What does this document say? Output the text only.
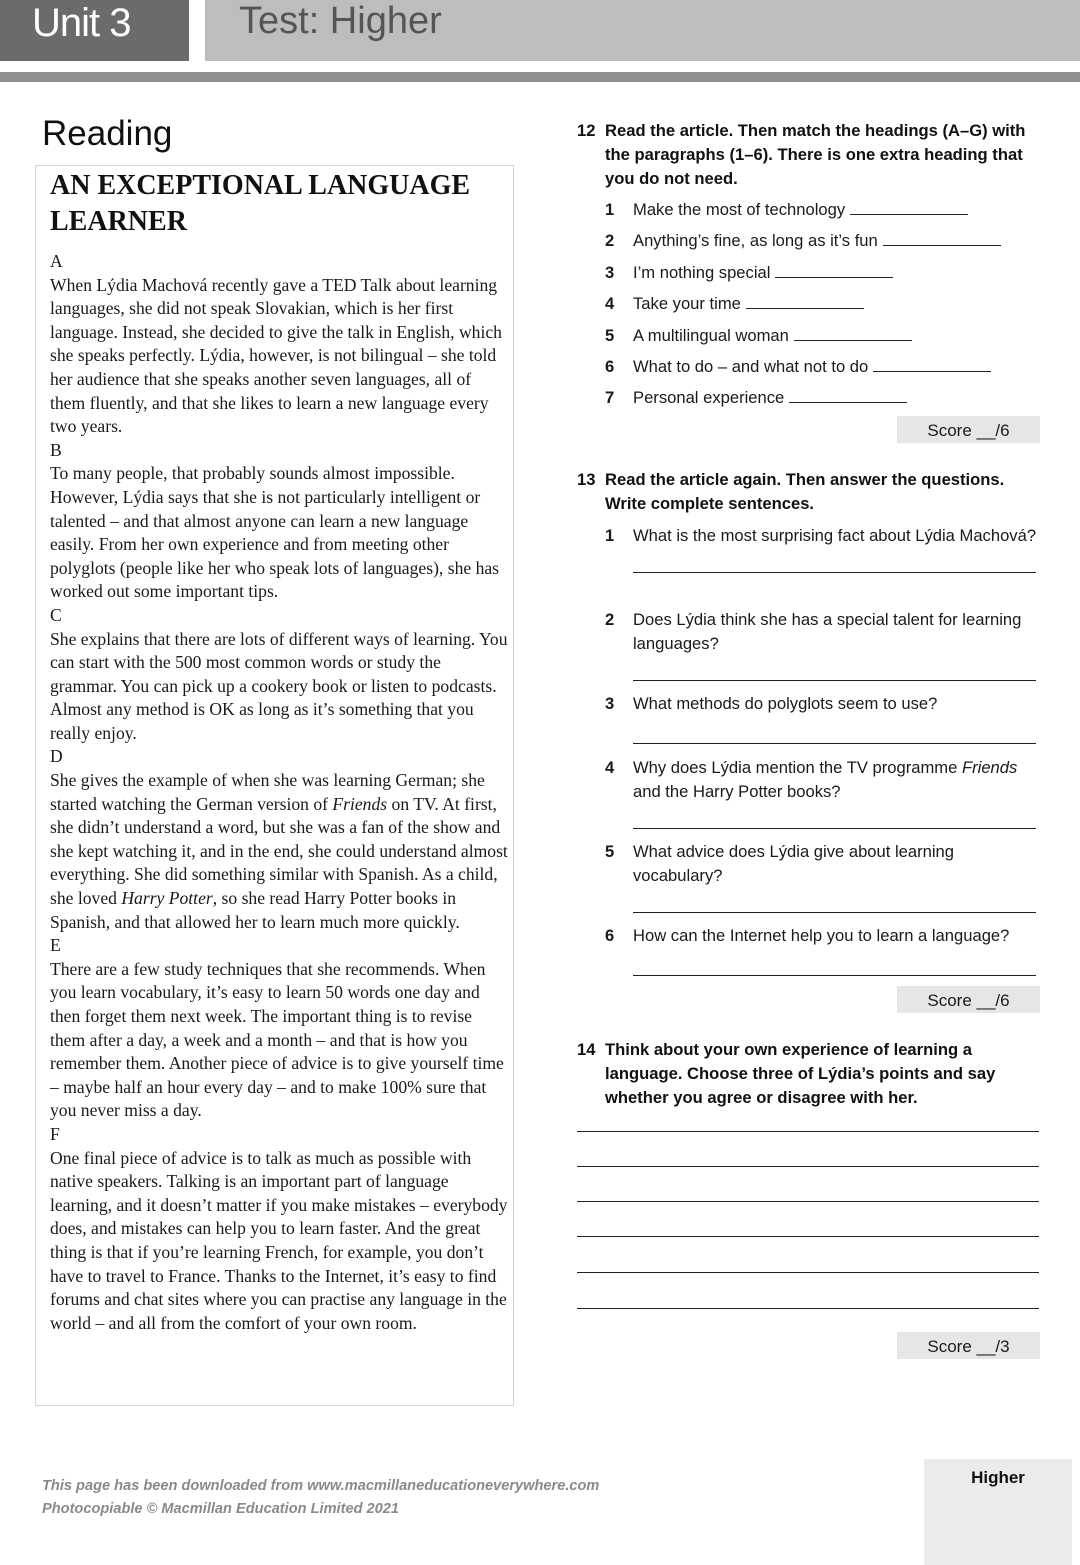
Unit 3	Test: Higher
Reading
AN EXCEPTIONAL LANGUAGE LEARNER
A
When Lýdia Machová recently gave a TED Talk about learning languages, she did not speak Slovakian, which is her first language. Instead, she decided to give the talk in English, which she speaks perfectly. Lýdia, however, is not bilingual – she told her audience that she speaks another seven languages, all of them fluently, and that she likes to learn a new language every two years.
B
To many people, that probably sounds almost impossible. However, Lýdia says that she is not particularly intelligent or talented – and that almost anyone can learn a new language easily. From her own experience and from meeting other polyglots (people like her who speak lots of languages), she has worked out some important tips.
C
She explains that there are lots of different ways of learning. You can start with the 500 most common words or study the grammar. You can pick up a cookery book or listen to podcasts. Almost any method is OK as long as it’s something that you really enjoy.
D
She gives the example of when she was learning German; she started watching the German version of Friends on TV. At first, she didn’t understand a word, but she was a fan of the show and she kept watching it, and in the end, she could understand almost everything. She did something similar with Spanish. As a child, she loved Harry Potter, so she read Harry Potter books in Spanish, and that allowed her to learn much more quickly.
E
There are a few study techniques that she recommends. When you learn vocabulary, it’s easy to learn 50 words one day and then forget them next week. The important thing is to revise them after a day, a week and a month – and that is how you remember them. Another piece of advice is to give yourself time – maybe half an hour every day – and to make 100% sure that you never miss a day.
F
One final piece of advice is to talk as much as possible with native speakers. Talking is an important part of language learning, and it doesn’t matter if you make mistakes – everybody does, and mistakes can help you to learn faster. And the great thing is that if you’re learning French, for example, you don’t have to travel to France. Thanks to the Internet, it’s easy to find forums and chat sites where you can practise any language in the world – and all from the comfort of your own room.
12 Read the article. Then match the headings (A–G) with the paragraphs (1–6). There is one extra heading that you do not need.
1	Make the most of technology
2	Anything’s fine, as long as it’s fun
3	I’m nothing special
4	Take your time
5	A multilingual woman
6	What to do – and what not to do
7	Personal experience
Score __/6
13 Read the article again. Then answer the questions. Write complete sentences.
1	What is the most surprising fact about Lýdia Machová?
2	Does Lýdia think she has a special talent for learning languages?
3	What methods do polyglots seem to use?
4	Why does Lýdia mention the TV programme Friends and the Harry Potter books?
5	What advice does Lýdia give about learning vocabulary?
6	How can the Internet help you to learn a language?
Score __/6
14 Think about your own experience of learning a language. Choose three of Lýdia’s points and say whether you agree or disagree with her.
Score __/3
This page has been downloaded from www.macmillaneducationeverywhere.com
Photocopiable © Macmillan Education Limited 2021
Higher
